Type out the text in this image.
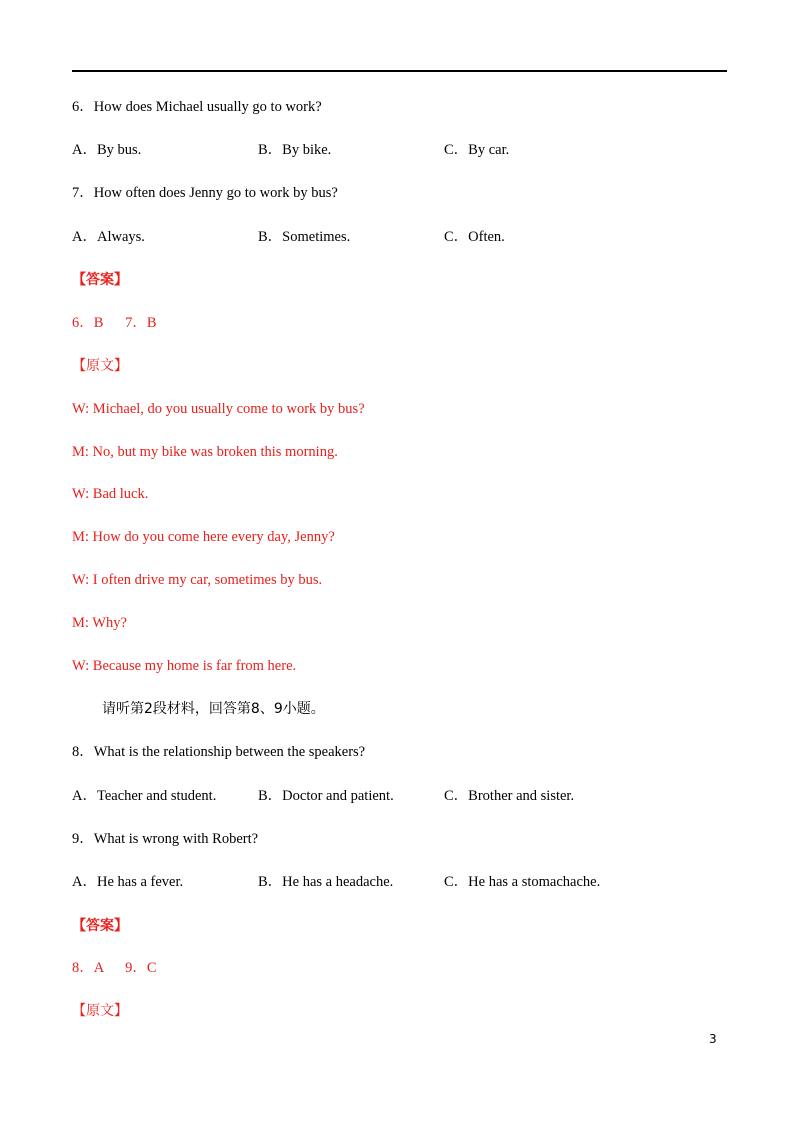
6．How does Michael usually go to work?
A．By bus.	B．By bike.	C．By car.
7．How often does Jenny go to work by bus?
A．Always.	B．Sometimes.	C．Often.
【答案】
6．B      7．B
【原文】
W: Michael, do you usually come to work by bus?
M: No, but my bike was broken this morning.
W: Bad luck.
M: How do you come here every day, Jenny?
W: I often drive my car, sometimes by bus.
M: Why?
W: Because my home is far from here.
请听第2段材料，回答第8、9小题。
8．What is the relationship between the speakers?
A．Teacher and student.	B．Doctor and patient.	C．Brother and sister.
9．What is wrong with Robert?
A．He has a fever.	B．He has a headache.	C．He has a stomachache.
【答案】
8．A      9．C
【原文】
3
